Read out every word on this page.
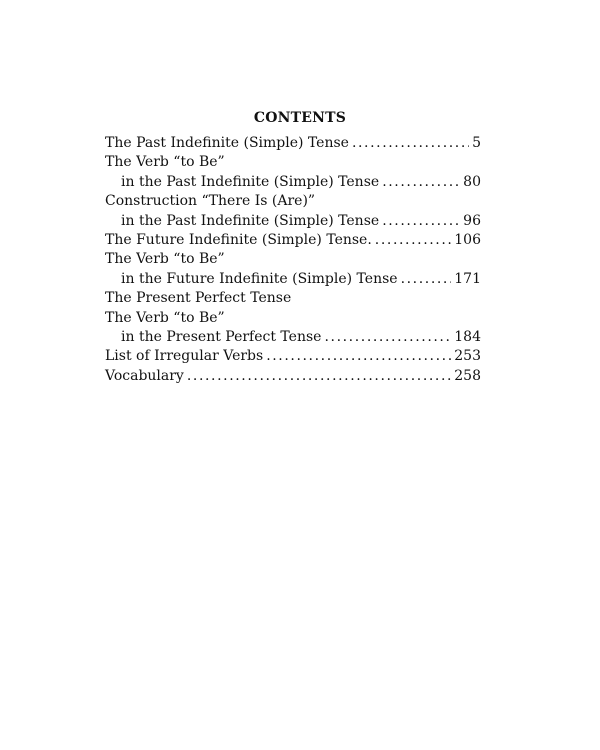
CONTENTS
The Past Indefinite (Simple) Tense .....	5
The Verb “to Be”
in the Past Indefinite (Simple) Tense .....	80
Construction “There Is (Are)”
in the Past Indefinite (Simple) Tense .....	96
The Future Indefinite (Simple) Tense. .....	106
The Verb “to Be”
in the Future Indefinite (Simple) Tense .....	171
The Present Perfect Tense
The Verb “to Be”
in the Present Perfect Tense .....	184
List of Irregular Verbs .....	253
Vocabulary .....	258
